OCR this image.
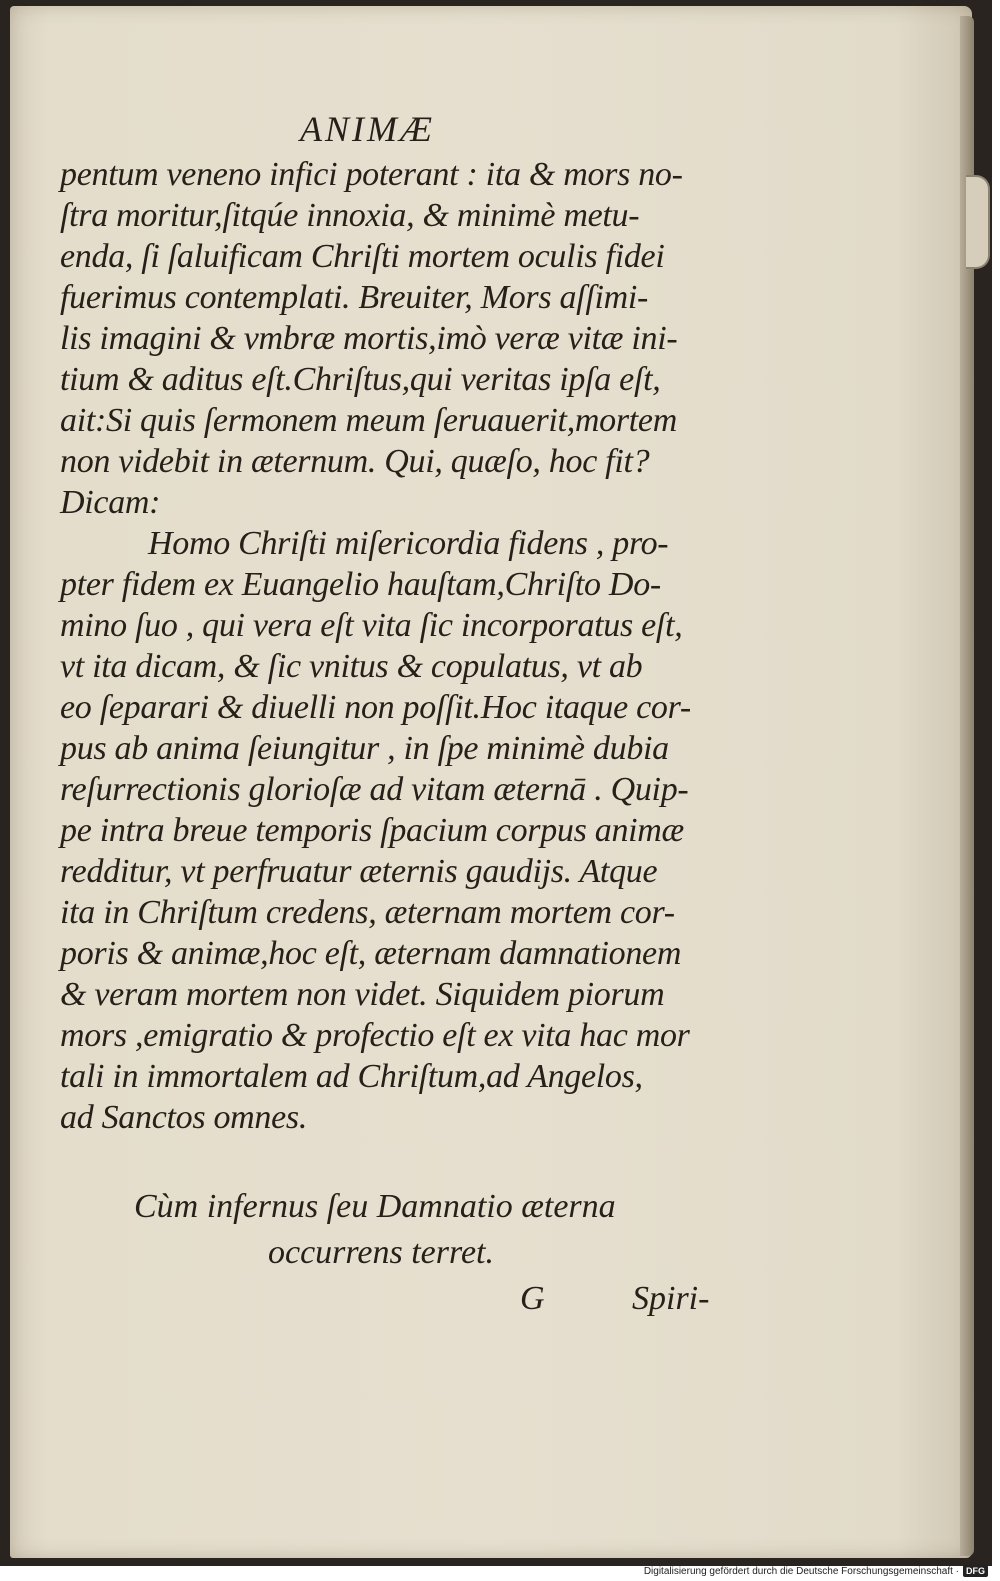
ANIMÆ
pentum veneno infici poterant : ita & mors no-
ſtra moritur,ſitqúe innoxia, & minimè metu-
enda, ſi ſaluificam Chriſti mortem oculis fidei
fuerimus contemplati. Breuiter, Mors aſſimi-
lis imagini & vmbræ mortis,imò veræ vitæ ini-
tium & aditus eſt.Chriſtus,qui veritas ipſa eſt,
ait:Si quis ſermonem meum ſeruauerit,mortem
non videbit in æternum. Qui, quæſo, hoc fit?
Dicam:
Homo Chriſti miſericordia fidens , pro-
pter fidem ex Euangelio hauſtam,Chriſto Do-
mino ſuo , qui vera eſt vita ſic incorporatus eſt,
vt ita dicam, & ſic vnitus & copulatus, vt ab
eo ſeparari & diuelli non poſſit.Hoc itaque cor-
pus ab anima ſeiungitur , in ſpe minimè dubia
reſurrectionis glorioſæ ad vitam æternā . Quip-
pe intra breue temporis ſpacium corpus animæ
redditur, vt perfruatur æternis gaudijs. Atque
ita in Chriſtum credens, æternam mortem cor-
poris & animæ,hoc eſt, æternam damnationem
& veram mortem non videt. Siquidem piorum
mors ,emigratio & profectio eſt ex vita hac mor
tali in immortalem ad Chriſtum,ad Angelos,
ad Sanctos omnes.
Cùm infernus ſeu Damnatio æterna
occurrens terret.
G	Spiri-
Digitalisierung gefördert durch die Deutsche Forschungsgemeinschaft · DFG
